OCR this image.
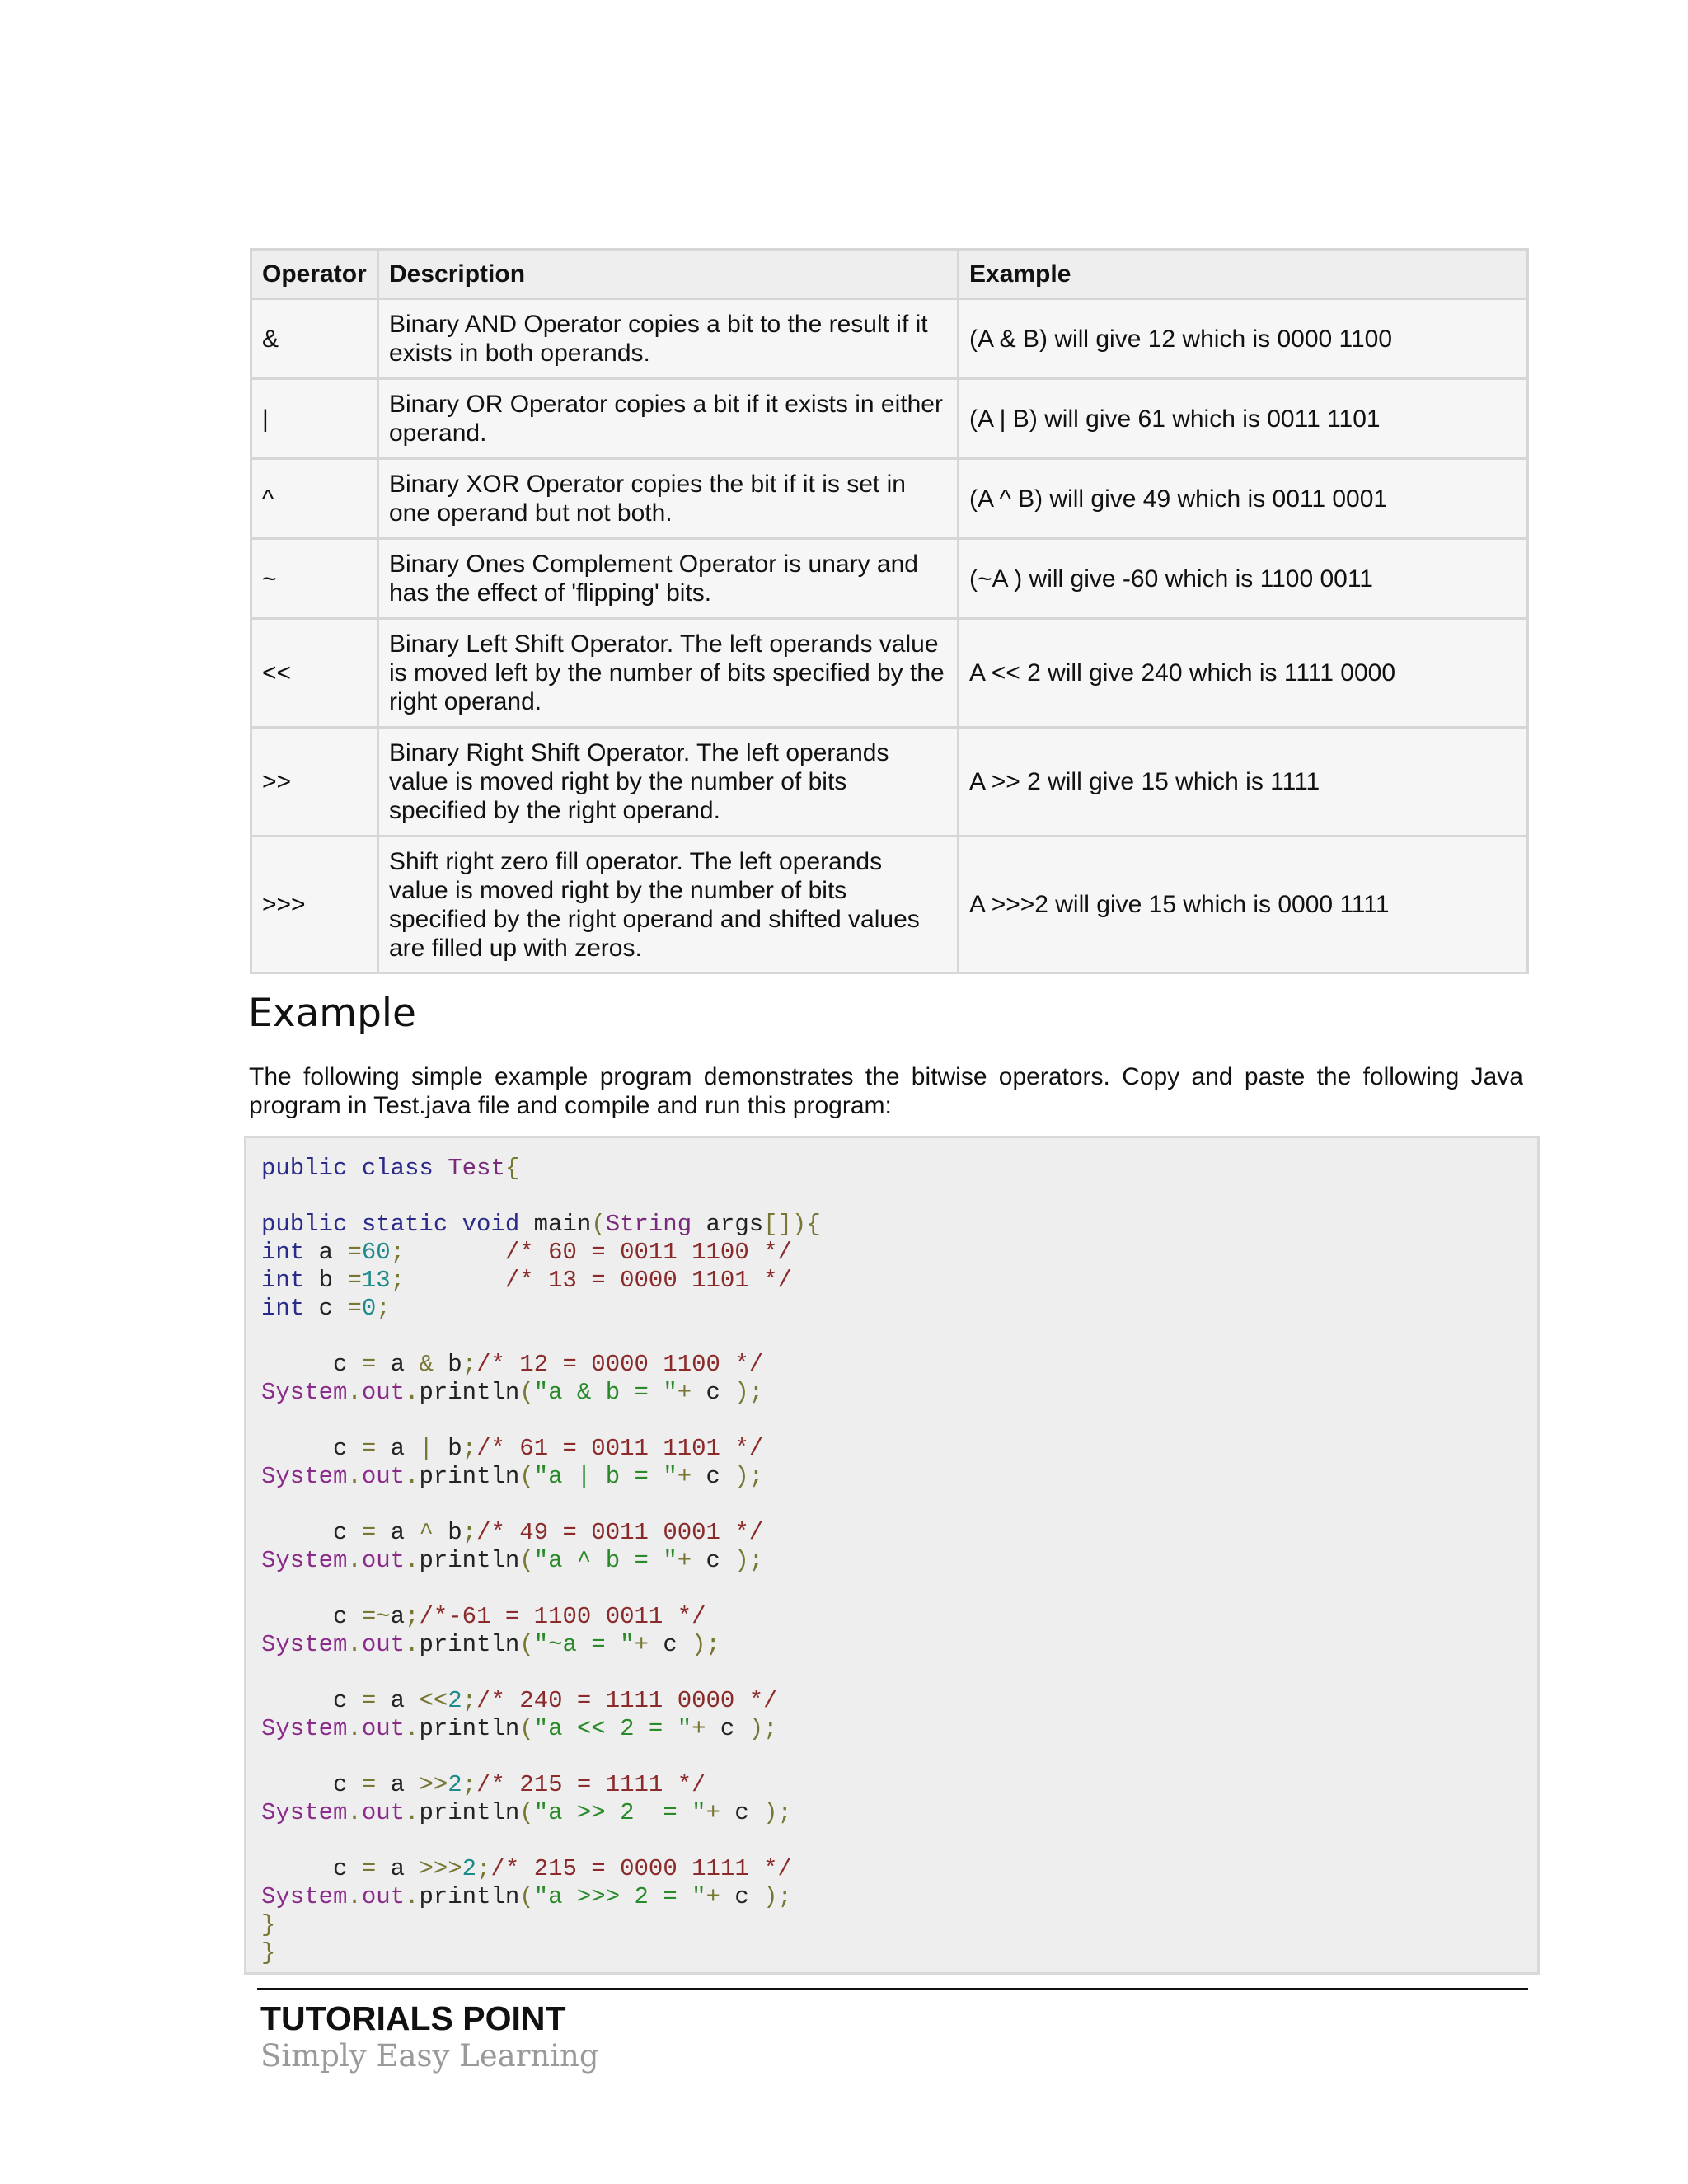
Operator	Description	Example
&	Binary AND Operator copies a bit to the result if it exists in both operands.	(A & B) will give 12 which is 0000 1100
|	Binary OR Operator copies a bit if it exists in either operand.	(A | B) will give 61 which is 0011 1101
^	Binary XOR Operator copies the bit if it is set in one operand but not both.	(A ^ B) will give 49 which is 0011 0001
~	Binary Ones Complement Operator is unary and has the effect of 'flipping' bits.	(~A ) will give -60 which is 1100 0011
<<	Binary Left Shift Operator. The left operands value is moved left by the number of bits specified by the right operand.	A << 2 will give 240 which is 1111 0000
>>	Binary Right Shift Operator. The left operands value is moved right by the number of bits specified by the right operand.	A >> 2 will give 15 which is 1111
>>>	Shift right zero fill operator. The left operands value is moved right by the number of bits specified by the right operand and shifted values are filled up with zeros.	A >>>2 will give 15 which is 0000 1111
Example

The following simple example program demonstrates the bitwise operators. Copy and paste the following Java program in Test.java file and compile and run this program:

public class Test{
public static void main(String args[]){
int a =60;	/* 60 = 0011 1100 */
int b =13;	/* 13 = 0000 1101 */
int c =0;
c = a & b;/* 12 = 0000 1100 */
System.out.println("a & b = "+ c );
c = a | b;/* 61 = 0011 1101 */
System.out.println("a | b = "+ c );
c = a ^ b;/* 49 = 0011 0001 */
System.out.println("a ^ b = "+ c );
c =~a;/*-61 = 1100 0011 */
System.out.println("~a = "+ c );
c = a <<2;/* 240 = 1111 0000 */
System.out.println("a << 2 = "+ c );
c = a >>2;/* 215 = 1111 */
System.out.println("a >> 2  = "+ c );
c = a >>>2;/* 215 = 0000 1111 */
System.out.println("a >>> 2 = "+ c );
}
}
TUTORIALS POINT
Simply Easy Learning
